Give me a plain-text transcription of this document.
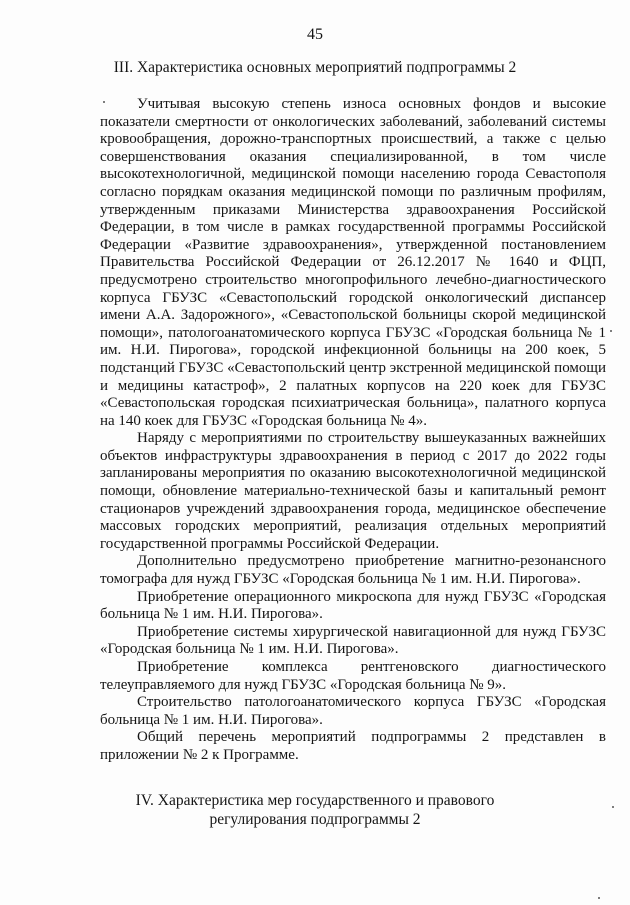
45
III. Характеристика основных мероприятий подпрограммы 2

Учитывая высокую степень износа основных фондов и высокие показатели смертности от онкологических заболеваний, заболеваний системы кровообращения, дорожно-транспортных происшествий, а также с целью совершенствования оказания специализированной, в том числе высокотехнологичной, медицинской помощи населению города Севастополя согласно порядкам оказания медицинской помощи по различным профилям, утвержденным приказами Министерства здравоохранения Российской Федерации, в том числе в рамках государственной программы Российской Федерации «Развитие здравоохранения», утвержденной постановлением Правительства Российской Федерации от 26.12.2017 № 1640 и ФЦП, предусмотрено строительство многопрофильного лечебно-диагностического корпуса ГБУЗС «Севастопольский городской онкологический диспансер имени А.А. Задорожного», «Севастопольской больницы скорой медицинской помощи», патологоанатомического корпуса ГБУЗС «Городская больница № 1 им. Н.И. Пирогова», городской инфекционной больницы на 200 коек, 5 подстанций ГБУЗС «Севастопольский центр экстренной медицинской помощи и медицины катастроф», 2 палатных корпусов на 220 коек для ГБУЗС «Севастопольская городская психиатрическая больница», палатного корпуса на 140 коек для ГБУЗС «Городская больница № 4».

Наряду с мероприятиями по строительству вышеуказанных важнейших объектов инфраструктуры здравоохранения в период с 2017 до 2022 годы запланированы мероприятия по оказанию высокотехнологичной медицинской помощи, обновление материально-технической базы и капитальный ремонт стационаров учреждений здравоохранения города, медицинское обеспечение массовых городских мероприятий, реализация отдельных мероприятий государственной программы Российской Федерации.

Дополнительно предусмотрено приобретение магнитно-резонансного томографа для нужд ГБУЗС «Городская больница № 1 им. Н.И. Пирогова».

Приобретение операционного микроскопа для нужд ГБУЗС «Городская больница № 1 им. Н.И. Пирогова».

Приобретение системы хирургической навигационной для нужд ГБУЗС «Городская больница № 1 им. Н.И. Пирогова».

Приобретение комплекса рентгеновского диагностического телеуправляемого для нужд ГБУЗС «Городская больница № 9».

Строительство патологоанатомического корпуса ГБУЗС «Городская больница № 1 им. Н.И. Пирогова».

Общий перечень мероприятий подпрограммы 2 представлен в приложении № 2 к Программе.

IV. Характеристика мер государственного и правового
регулирования подпрограммы 2
